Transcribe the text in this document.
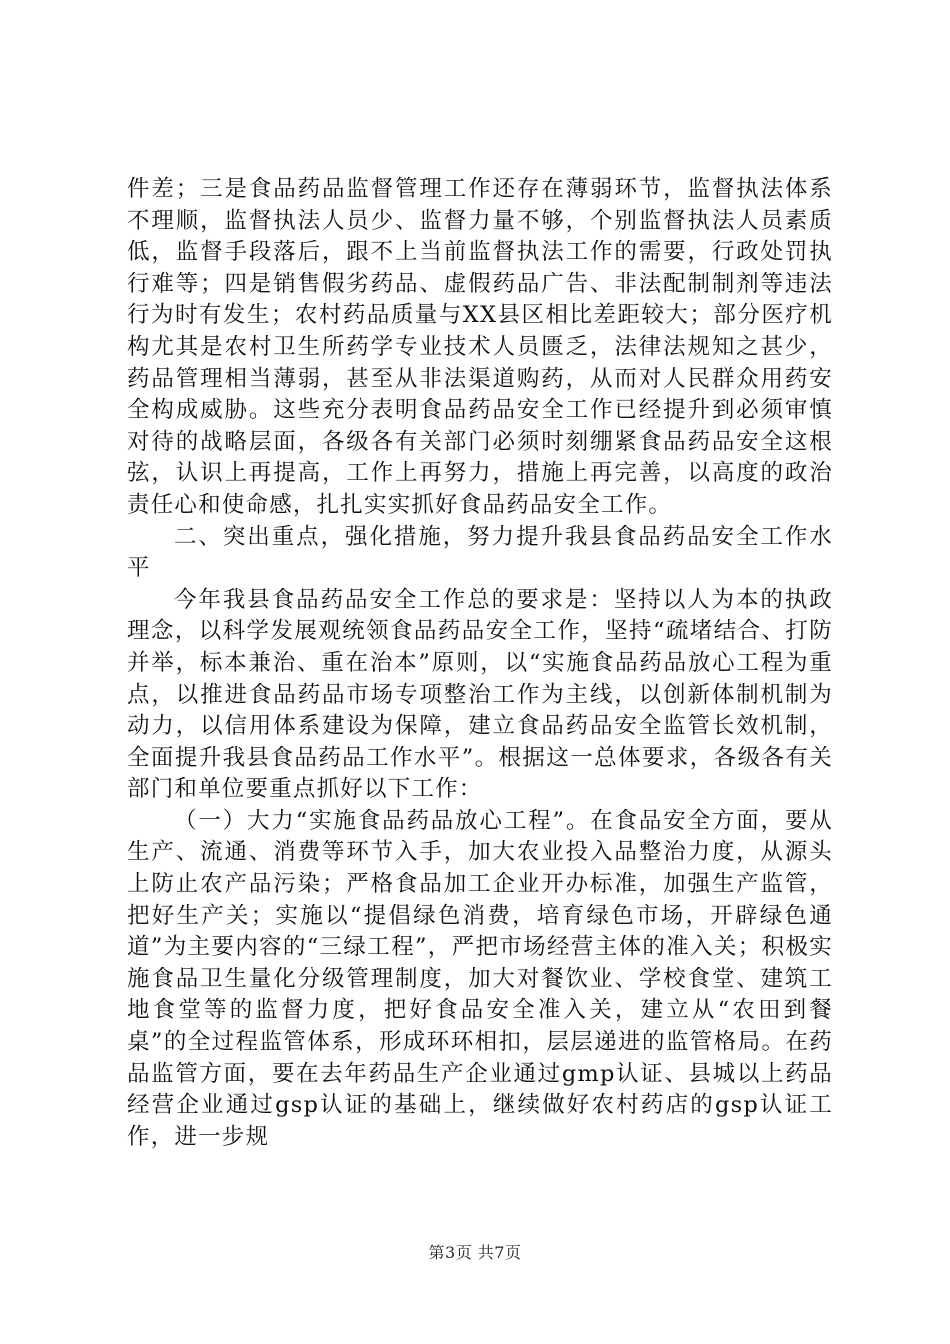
件差；三是食品药品监督管理工作还存在薄弱环节，监督执法体系不理顺，监督执法人员少、监督力量不够，个别监督执法人员素质低，监督手段落后，跟不上当前监督执法工作的需要，行政处罚执行难等；四是销售假劣药品、虚假药品广告、非法配制制剂等违法行为时有发生；农村药品质量与XX县区相比差距较大；部分医疗机构尤其是农村卫生所药学专业技术人员匮乏，法律法规知之甚少，药品管理相当薄弱，甚至从非法渠道购药，从而对人民群众用药安全构成威胁。这些充分表明食品药品安全工作已经提升到必须审慎对待的战略层面，各级各有关部门必须时刻绷紧食品药品安全这根弦，认识上再提高，工作上再努力，措施上再完善，以高度的政治责任心和使命感，扎扎实实抓好食品药品安全工作。

二、突出重点，强化措施，努力提升我县食品药品安全工作水平

今年我县食品药品安全工作总的要求是：坚持以人为本的执政理念，以科学发展观统领食品药品安全工作，坚持“疏堵结合、打防并举，标本兼治、重在治本”原则，以“实施食品药品放心工程为重点，以推进食品药品市场专项整治工作为主线，以创新体制机制为动力，以信用体系建设为保障，建立食品药品安全监管长效机制，全面提升我县食品药品工作水平”。根据这一总体要求，各级各有关部门和单位要重点抓好以下工作：

（一）大力“实施食品药品放心工程”。在食品安全方面，要从生产、流通、消费等环节入手，加大农业投入品整治力度，从源头上防止农产品污染；严格食品加工企业开办标准，加强生产监管，把好生产关；实施以“提倡绿色消费，培育绿色市场，开辟绿色通道”为主要内容的“三绿工程”，严把市场经营主体的准入关；积极实施食品卫生量化分级管理制度，加大对餐饮业、学校食堂、建筑工地食堂等的监督力度，把好食品安全准入关，建立从“农田到餐桌”的全过程监管体系，形成环环相扣，层层递进的监管格局。在药品监管方面，要在去年药品生产企业通过gmp认证、县城以上药品经营企业通过gsp认证的基础上，继续做好农村药店的gsp认证工作，进一步规

第3页 共7页
